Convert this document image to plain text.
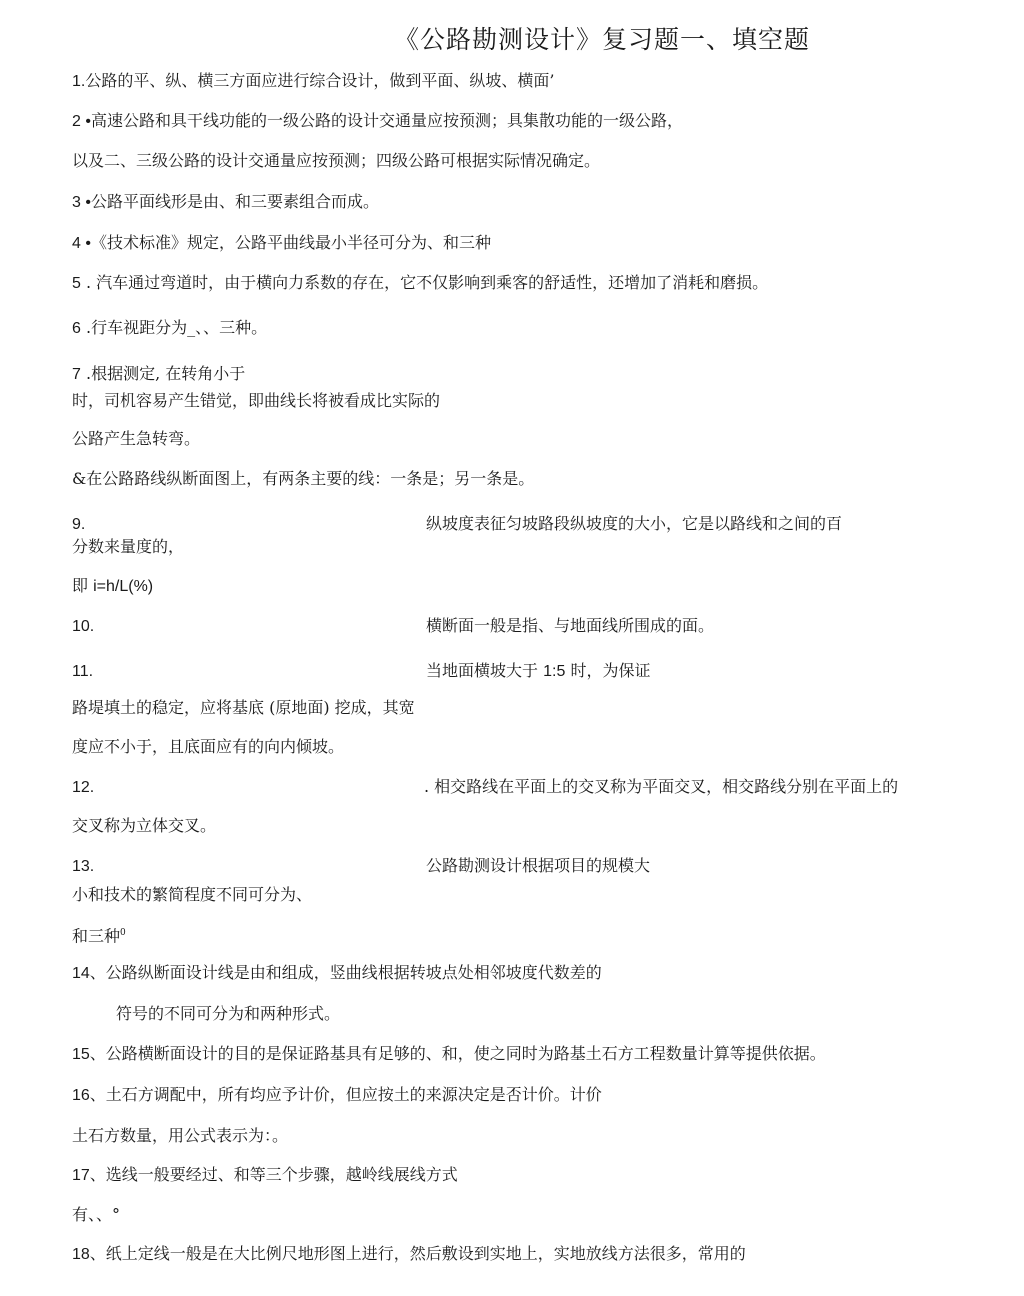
《公路勘测设计》复习题一、填空题
1.公路的平、纵、横三方面应进行综合设计，做到平面、纵坡、横面’
2 •高速公路和具干线功能的一级公路的设计交通量应按预测；具集散功能的一级公路，
以及二、三级公路的设计交通量应按预测；四级公路可根据实际情况确定。
3 •公路平面线形是由、和三要素组合而成。
4 •《技术标准》规定，公路平曲线最小半径可分为、和三种
5 . 汽车通过弯道时，由于横向力系数的存在，它不仅影响到乘客的舒适性，还增加了消耗和磨损。
6 .行车视距分为_、、三种。
7 .根据测定, 在转角小于
时，司机容易产生错觉，即曲线长将被看成比实际的
公路产生急转弯。
&在公路路线纵断面图上，有两条主要的线：一条是；另一条是。
9.	纵坡度表征匀坡路段纵坡度的大小，它是以路线和之间的百
分数来量度的，
即 i=h/L(%)
10.	横断面一般是指、与地面线所围成的面。
11.	当地面横坡大于 1:5 时，为保证
路堤填土的稳定，应将基底 (原地面) 挖成，其宽
度应不小于，且底面应有的向内倾坡。
12.	. 相交路线在平面上的交叉称为平面交叉，相交路线分别在平面上的
交叉称为立体交叉。
13.	公路勘测设计根据项目的规模大
小和技术的繁简程度不同可分为、
和三种$^0$
14、公路纵断面设计线是由和组成，竖曲线根据转坡点处相邻坡度代数差的
符号的不同可分为和两种形式。
15、公路横断面设计的目的是保证路基具有足够的、和，使之同时为路基土石方工程数量计算等提供依据。
16、土石方调配中，所有均应予计价，但应按土的来源决定是否计价。计价
土石方数量，用公式表示为：。
17、选线一般要经过、和等三个步骤，越岭线展线方式
有、、°
18、纸上定线一般是在大比例尺地形图上进行，然后敷设到实地上，实地放线方法很多，常用的
